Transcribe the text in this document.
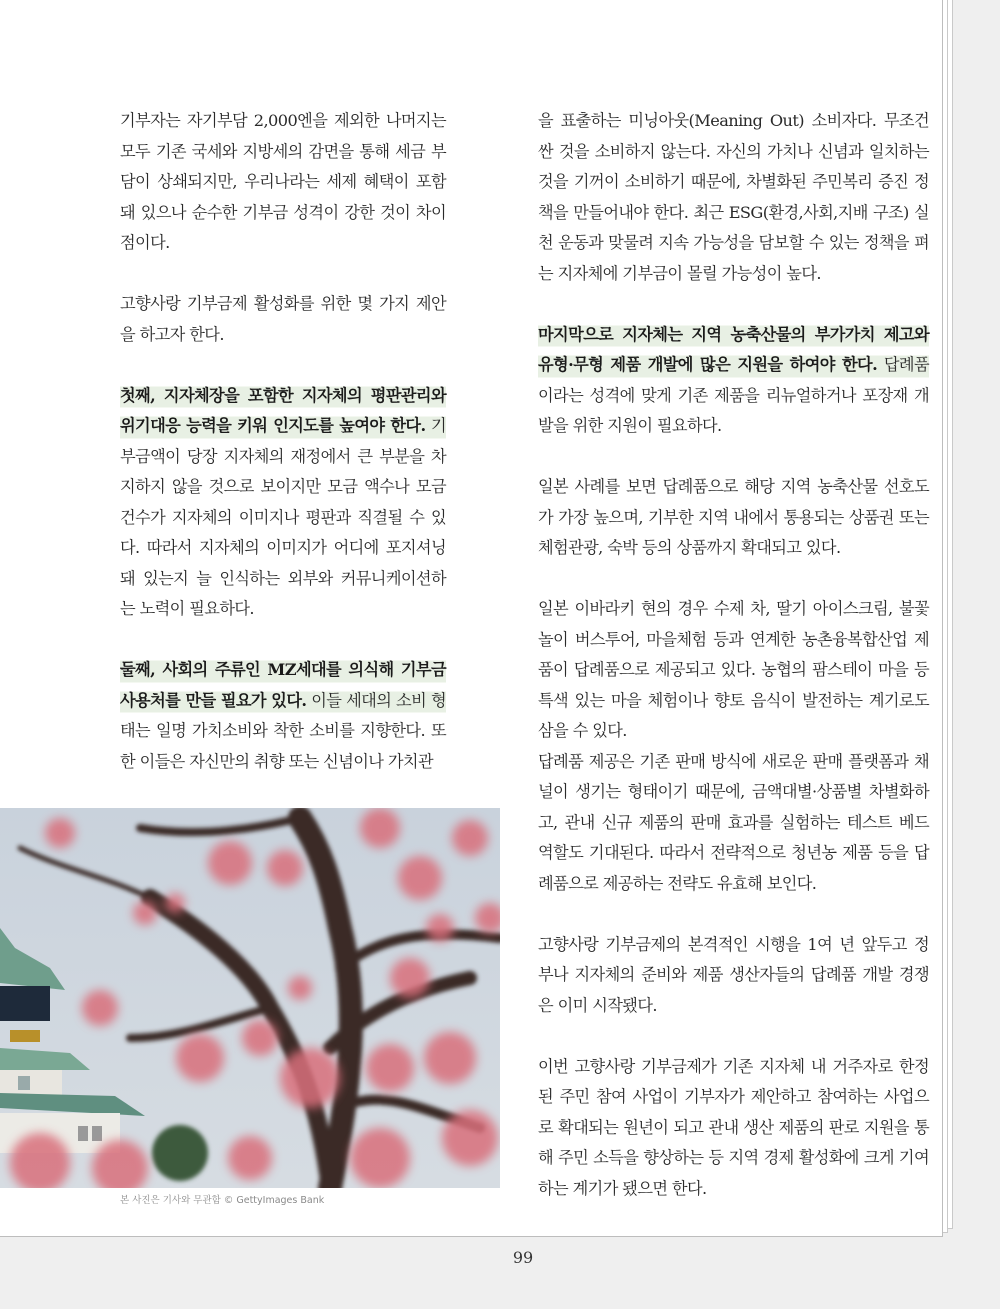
기부자는 자기부담 2,000엔을 제외한 나머지는
모두 기존 국세와 지방세의 감면을 통해 세금 부
담이 상쇄되지만, 우리나라는 세제 혜택이 포함
돼 있으나 순수한 기부금 성격이 강한 것이 차이
점이다.
고향사랑 기부금제 활성화를 위한 몇 가지 제안
을 하고자 한다.
첫째, 지자체장을 포함한 지자체의 평판관리와
위기대응 능력을 키워 인지도를 높여야 한다. 기
부금액이 당장 지자체의 재정에서 큰 부분을 차
지하지 않을 것으로 보이지만 모금 액수나 모금
건수가 지자체의 이미지나 평판과 직결될 수 있
다. 따라서 지자체의 이미지가 어디에 포지셔닝
돼 있는지 늘 인식하는 외부와 커뮤니케이션하
는 노력이 필요하다.
둘째, 사회의 주류인 MZ세대를 의식해 기부금
사용처를 만들 필요가 있다. 이들 세대의 소비 형
태는 일명 가치소비와 착한 소비를 지향한다. 또
한 이들은 자신만의 취향 또는 신념이나 가치관
을 표출하는 미닝아웃(Meaning Out) 소비자다. 무조건
싼 것을 소비하지 않는다. 자신의 가치나 신념과 일치하는
것을 기꺼이 소비하기 때문에, 차별화된 주민복리 증진 정
책을 만들어내야 한다. 최근 ESG(환경,사회,지배 구조) 실
천 운동과 맞물려 지속 가능성을 담보할 수 있는 정책을 펴
는 지자체에 기부금이 몰릴 가능성이 높다.
마지막으로 지자체는 지역 농축산물의 부가가치 제고와
유형·무형 제품 개발에 많은 지원을 하여야 한다. 답례품
이라는 성격에 맞게 기존 제품을 리뉴얼하거나 포장재 개
발을 위한 지원이 필요하다.
일본 사례를 보면 답례품으로 해당 지역 농축산물 선호도
가 가장 높으며, 기부한 지역 내에서 통용되는 상품권 또는
체험관광, 숙박 등의 상품까지 확대되고 있다.
일본 이바라키 현의 경우 수제 차, 딸기 아이스크림, 불꽃
놀이 버스투어, 마을체험 등과 연계한 농촌융복합산업 제
품이 답례품으로 제공되고 있다. 농협의 팜스테이 마을 등
특색 있는 마을 체험이나 향토 음식이 발전하는 계기로도
삼을 수 있다.
답례품 제공은 기존 판매 방식에 새로운 판매 플랫폼과 채
널이 생기는 형태이기 때문에, 금액대별·상품별 차별화하
고, 관내 신규 제품의 판매 효과를 실험하는 테스트 베드
역할도 기대된다. 따라서 전략적으로 청년농 제품 등을 답
례품으로 제공하는 전략도 유효해 보인다.
고향사랑 기부금제의 본격적인 시행을 1여 년 앞두고 정
부나 지자체의 준비와 제품 생산자들의 답례품 개발 경쟁
은 이미 시작됐다.
이번 고향사랑 기부금제가 기존 지자체 내 거주자로 한정
된 주민 참여 사업이 기부자가 제안하고 참여하는 사업으
로 확대되는 원년이 되고 관내 생산 제품의 판로 지원을 통
해 주민 소득을 향상하는 등 지역 경제 활성화에 크게 기여
하는 계기가 됐으면 한다.
본 사진은 기사와 무관함 © GettyImages Bank
99
